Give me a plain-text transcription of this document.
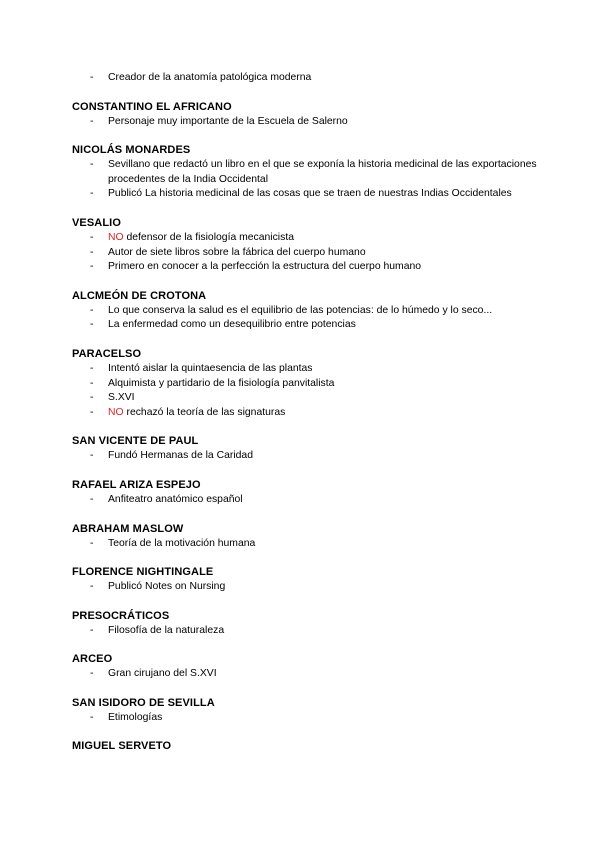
- Creador de la anatomía patológica moderna
CONSTANTINO EL AFRICANO
- Personaje muy importante de la Escuela de Salerno
NICOLÁS MONARDES
- Sevillano que redactó un libro en el que se exponía la historia medicinal de las exportaciones procedentes de la India Occidental
- Publicó La historia medicinal de las cosas que se traen de nuestras Indias Occidentales
VESALIO
- NO defensor de la fisiología mecanicista
- Autor de siete libros sobre la fábrica del cuerpo humano
- Primero en conocer a la perfección la estructura del cuerpo humano
ALCMEÓN DE CROTONA
- Lo que conserva la salud es el equilibrio de las potencias: de lo húmedo y lo seco...
- La enfermedad como un desequilibrio entre potencias
PARACELSO
- Intentó aislar la quintaesencia de las plantas
- Alquimista y partidario de la fisiología panvitalista
- S.XVI
- NO rechazó la teoría de las signaturas
SAN VICENTE DE PAUL
- Fundó Hermanas de la Caridad
RAFAEL ARIZA ESPEJO
- Anfiteatro anatómico español
ABRAHAM MASLOW
- Teoría de la motivación humana
FLORENCE NIGHTINGALE
- Publicó Notes on Nursing
PRESOCRÁTICOS
- Filosofía de la naturaleza
ARCEO
- Gran cirujano del S.XVI
SAN ISIDORO DE SEVILLA
- Etimologías
MIGUEL SERVETO
